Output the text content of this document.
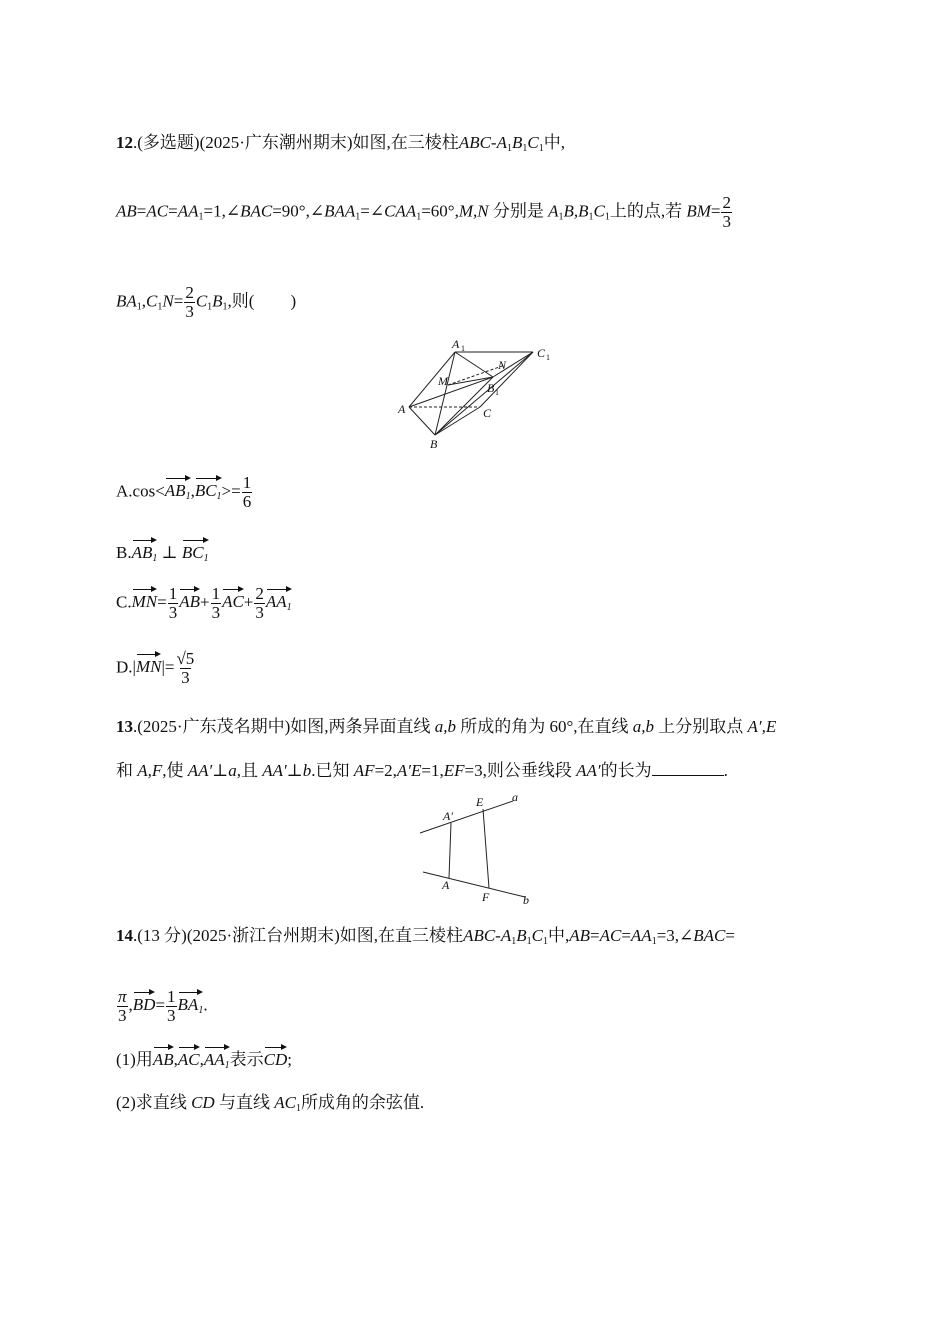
12.(多选题)(2025·广东潮州期末)如图,在三棱柱ABC-$A_1B_1C_1$中,
$AB=AC=AA_1=1,\angle BAC=90^\circ,\angle BAA_1=\angle CAA_1=60^\circ,M,N$ 分别是 $A_1B,B_1C_1$上的点,若 $BM= \frac{2}{3}$
$BA_1,C_1N= \frac{2}{3} C_1B_1$,则( )
A 1
N
C 1
M	B 1
A	C
B
$A.\cos<AB_1,BC_1>= \frac{1}{6}$
$B.AB_1$ ⊥ $BC_1$
$C.MN= \frac{1}{3} AB+ \frac{1}{3} AC+ \frac{2}{3} AA_1$
$D.|MN|= \frac{√5}{3}$
13.(2025·广东茂名期中)如图,两条异面直线 a,b 所成的角为 60°,在直线 a,b 上分别取点 A′,E
和 A,F,使 AA′⊥a,且 AA′⊥b.已知 AF=2,A′E=1,EF=3,则公垂线段 AA′的长为	.
A′
E a
A
F	b
14.(13 分)(2025·浙江台州期末)如图,在直三棱柱ABC-$A_1B_1C_1$中$,AB=AC=AA_1=3,\angle BAC=$
$\frac{\pi}{3} ,BD= \frac{1}{3} BA_1$.
(1)用$AB,AC,AA_1$表示CD;
(2)求直线 CD 与直线 $AC_1$所成角的余弦值.
